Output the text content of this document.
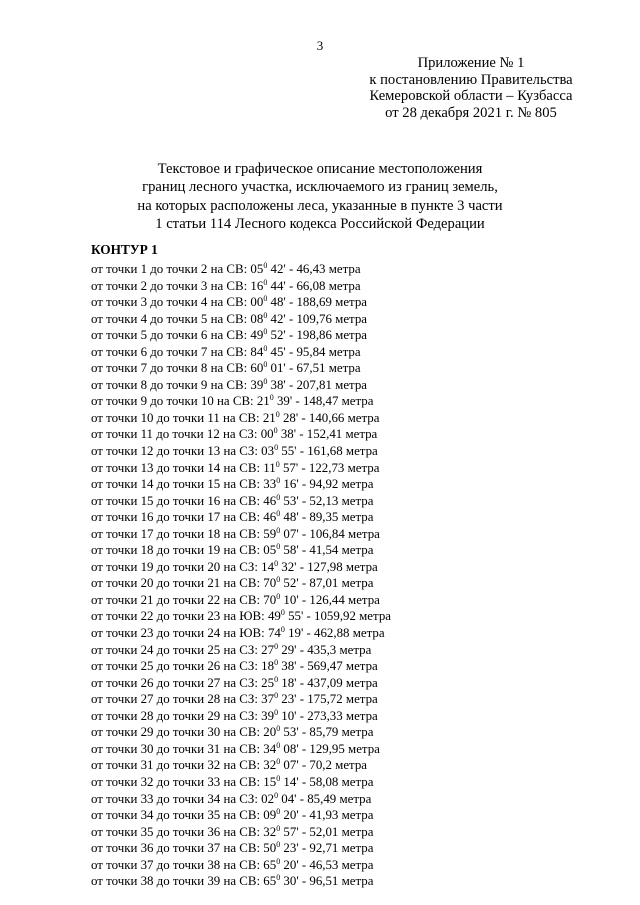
3
Приложение № 1
к постановлению Правительства
Кемеровской области – Кузбасса
от 28 декабря 2021 г. № 805
Текстовое и графическое описание местоположения
границ лесного участка, исключаемого из границ земель,
на которых расположены леса, указанные в пункте 3 части
1 статьи 114 Лесного кодекса Российской Федерации
КОНТУР 1
от точки 1 до точки 2 на СВ: $05^0$ 42' - 46,43 метра
от точки 2 до точки 3 на СВ: $16^0$ 44' - 66,08 метра
от точки 3 до точки 4 на СВ: $00^0$ 48' - 188,69 метра
от точки 4 до точки 5 на СВ: $08^0$ 42' - 109,76 метра
от точки 5 до точки 6 на СВ: $49^0$ 52' - 198,86 метра
от точки 6 до точки 7 на СВ: $84^0$ 45' - 95,84 метра
от точки 7 до точки 8 на СВ: $60^0$ 01' - 67,51 метра
от точки 8 до точки 9 на СВ: $39^0$ 38' - 207,81 метра
от точки 9 до точки 10 на СВ: $21^0$ 39' - 148,47 метра
от точки 10 до точки 11 на СВ: $21^0$ 28' - 140,66 метра
от точки 11 до точки 12 на СЗ: $00^0$ 38' - 152,41 метра
от точки 12 до точки 13 на СЗ: $03^0$ 55' - 161,68 метра
от точки 13 до точки 14 на СВ: $11^0$ 57' - 122,73 метра
от точки 14 до точки 15 на СВ: $33^0$ 16' - 94,92 метра
от точки 15 до точки 16 на СВ: $46^0$ 53' - 52,13 метра
от точки 16 до точки 17 на СВ: $46^0$ 48' - 89,35 метра
от точки 17 до точки 18 на СВ: $59^0$ 07' - 106,84 метра
от точки 18 до точки 19 на СВ: $05^0$ 58' - 41,54 метра
от точки 19 до точки 20 на СЗ: $14^0$ 32' - 127,98 метра
от точки 20 до точки 21 на СВ: $70^0$ 52' - 87,01 метра
от точки 21 до точки 22 на СВ: $70^0$ 10' - 126,44 метра
от точки 22 до точки 23 на ЮВ: $49^0$ 55' - 1059,92 метра
от точки 23 до точки 24 на ЮВ: $74^0$ 19' - 462,88 метра
от точки 24 до точки 25 на СЗ: $27^0$ 29' - 435,3 метра
от точки 25 до точки 26 на СЗ: $18^0$ 38' - 569,47 метра
от точки 26 до точки 27 на СЗ: $25^0$ 18' - 437,09 метра
от точки 27 до точки 28 на СЗ: $37^0$ 23' - 175,72 метра
от точки 28 до точки 29 на СЗ: $39^0$ 10' - 273,33 метра
от точки 29 до точки 30 на СВ: $20^0$ 53' - 85,79 метра
от точки 30 до точки 31 на СВ: $34^0$ 08' - 129,95 метра
от точки 31 до точки 32 на СВ: $32^0$ 07' - 70,2 метра
от точки 32 до точки 33 на СВ: $15^0$ 14' - 58,08 метра
от точки 33 до точки 34 на СЗ: $02^0$ 04' - 85,49 метра
от точки 34 до точки 35 на СВ: $09^0$ 20' - 41,93 метра
от точки 35 до точки 36 на СВ: $32^0$ 57' - 52,01 метра
от точки 36 до точки 37 на СВ: $50^0$ 23' - 92,71 метра
от точки 37 до точки 38 на СВ: $65^0$ 20' - 46,53 метра
от точки 38 до точки 39 на СВ: $65^0$ 30' - 96,51 метра
